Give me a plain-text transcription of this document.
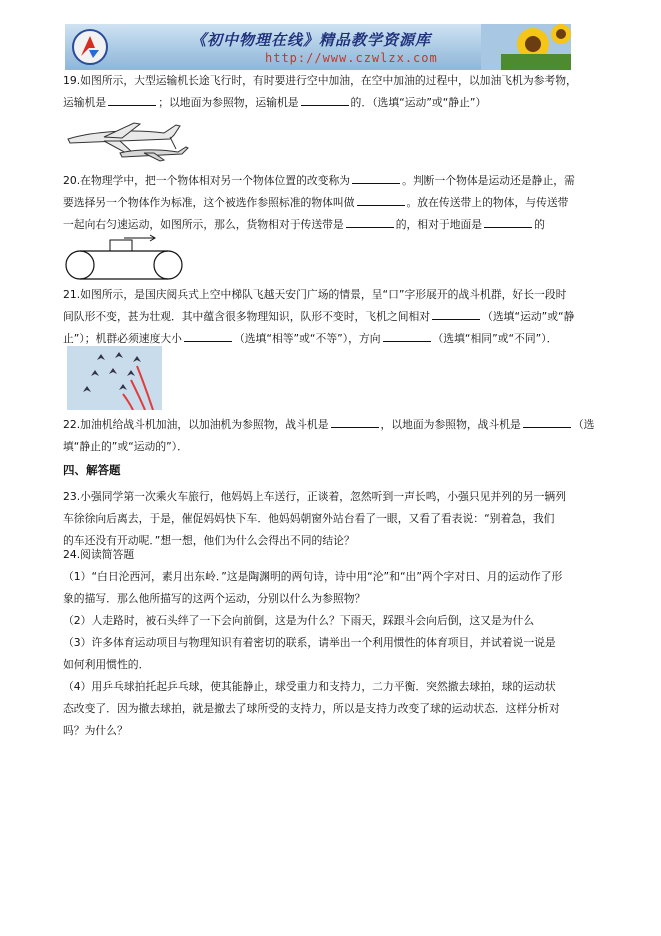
《初中物理在线》精品教学资源库
http://www.czwlzx.com
19.如图所示，大型运输机长途飞行时，有时要进行空中加油，在空中加油的过程中，以加油飞机为参考物，
运输机是	；以地面为参照物，运输机是	的．（选填“运动”或“静止”）
20.在物理学中，把一个物体相对另一个物体位置的改变称为	。判断一个物体是运动还是静止，需
要选择另一个物体作为标准，这个被选作参照标准的物体叫做	。放在传送带上的物体，与传送带
一起向右匀速运动，如图所示，那么，货物相对于传送带是	的，相对于地面是	的
21.如图所示，是国庆阅兵式上空中梯队飞越天安门广场的情景，呈“口”字形展开的战斗机群，好长一段时
间队形不变，甚为壮观．其中蕴含很多物理知识，队形不变时，飞机之间相对	（选填“运动”或“静
止”）；机群必须速度大小	（选填“相等”或“不等”），方向	（选填“相同”或“不同”）．
22.加油机给战斗机加油，以加油机为参照物，战斗机是	，以地面为参照物，战斗机是	（选
填“静止的”或“运动的”）．
四、解答题
23.小强同学第一次乘火车旅行，他妈妈上车送行，正谈着，忽然听到一声长鸣，小强只见并列的另一辆列
车徐徐向后离去，于是，催促妈妈快下车．他妈妈朝窗外站台看了一眼，又看了看表说：“别着急，我们
的车还没有开动呢．”想一想，他们为什么会得出不同的结论？
24.阅读简答题
（1）“白日沦西河，素月出东岭．”这是陶渊明的两句诗，诗中用“沦”和“出”两个字对日、月的运动作了形
象的描写．那么他所描写的这两个运动，分别以什么为参照物？
（2）人走路时，被石头绊了一下会向前倒，这是为什么？下雨天，踩跟斗会向后倒，这又是为什么
（3）许多体育运动项目与物理知识有着密切的联系，请举出一个利用惯性的体育项目，并试着说一说是
如何利用惯性的．
（4）用乒乓球拍托起乒乓球，使其能静止，球受重力和支持力，二力平衡．突然撤去球拍，球的运动状
态改变了．因为撤去球拍，就是撤去了球所受的支持力，所以是支持力改变了球的运动状态．这样分析对
吗？为什么？
